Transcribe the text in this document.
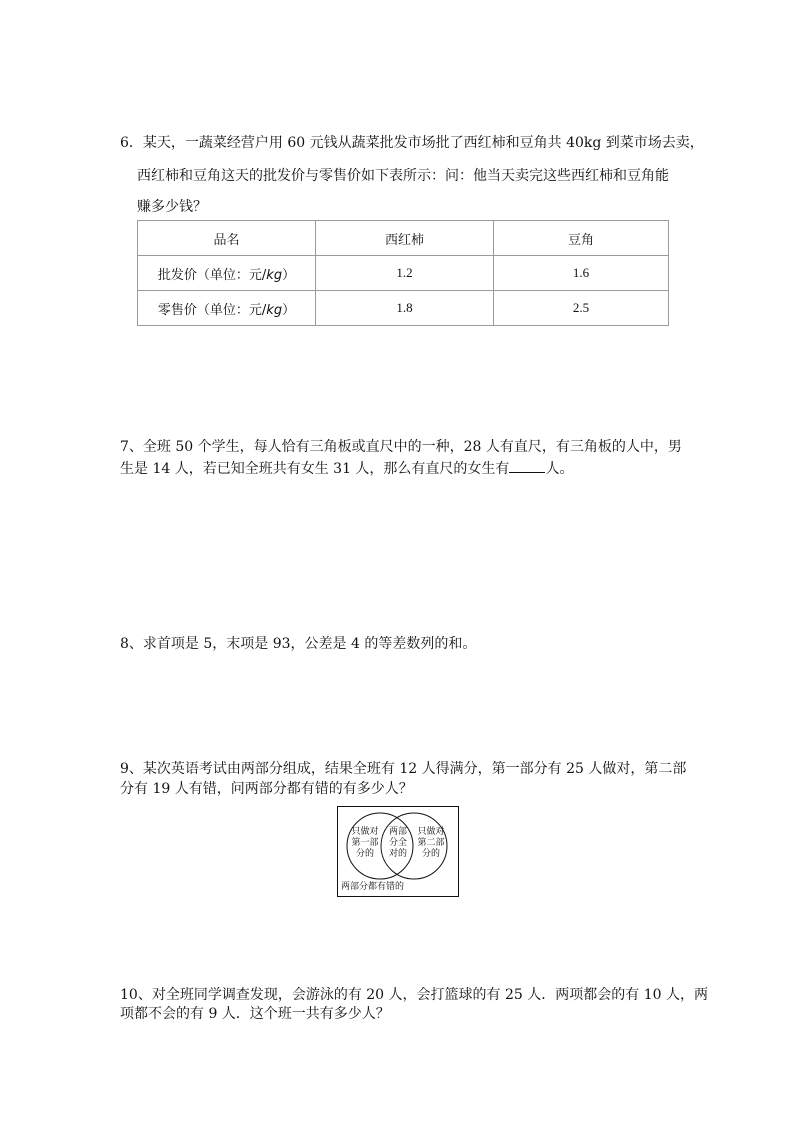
6．某天，一蔬菜经营户用 60 元钱从蔬菜批发市场批了西红柿和豆角共 40kg 到菜市场去卖，
西红柿和豆角这天的批发价与零售价如下表所示：问：他当天卖完这些西红柿和豆角能
赚多少钱？
品名	西红柿	豆角
批发价（单位：元/kg）	1.2	1.6
零售价（单位：元/kg）	1.8	2.5
7、全班 50 个学生，每人恰有三角板或直尺中的一种，28 人有直尺，有三角板的人中，男
生是 14 人，若已知全班共有女生 31 人，那么有直尺的女生有	人。
8、求首项是 5，末项是 93，公差是 4 的等差数列的和。
9、某次英语考试由两部分组成，结果全班有 12 人得满分，第一部分有 25 人做对，第二部
分有 19 人有错，问两部分都有错的有多少人？
只做对
第一部
分的
两部
分全
对的
只做对
第二部
分的
两部分都有错的
10、对全班同学调查发现，会游泳的有 20 人，会打篮球的有 25 人．两项都会的有 10 人，两
项都不会的有 9 人．这个班一共有多少人？
